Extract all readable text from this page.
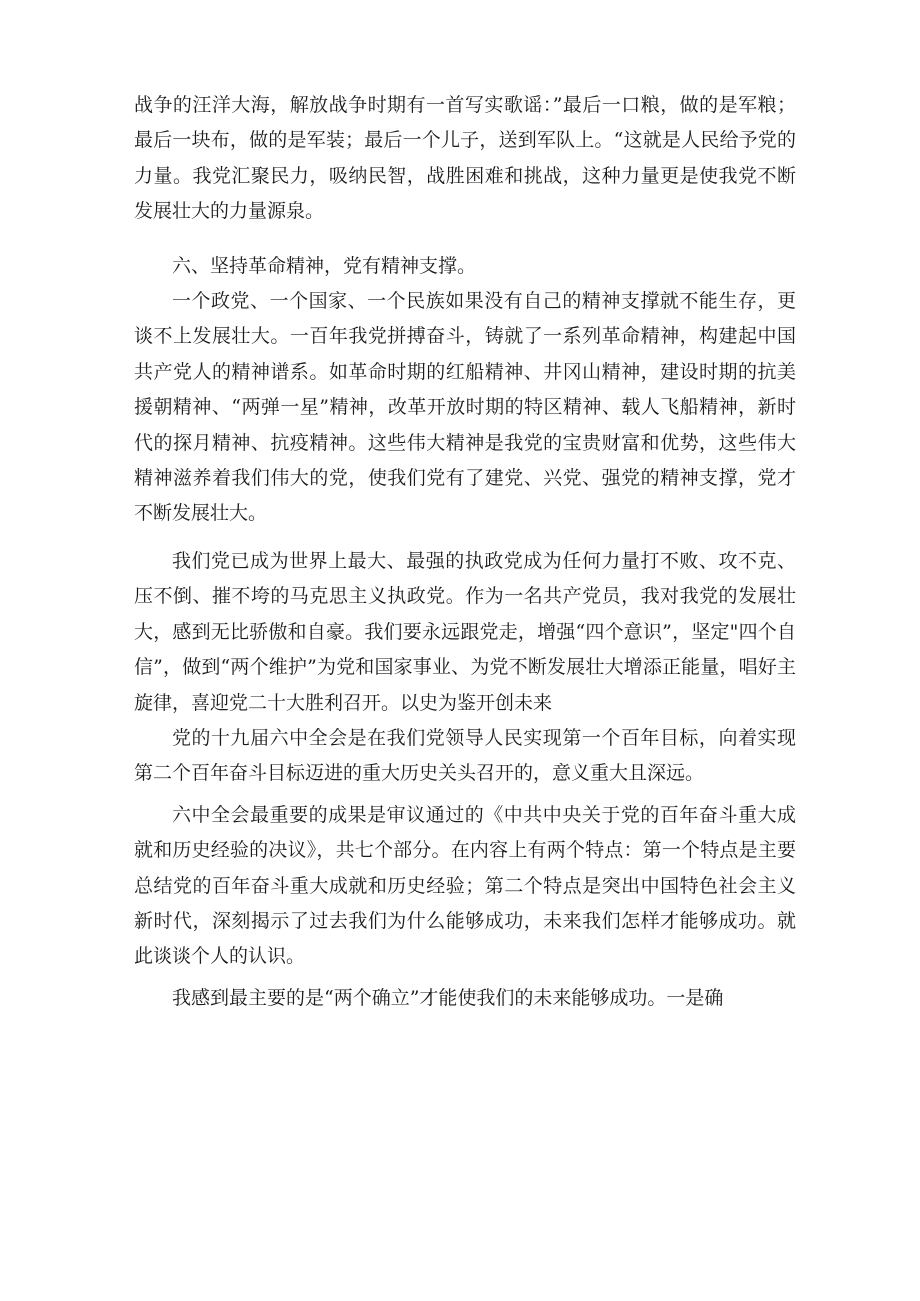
战争的汪洋大海，解放战争时期有一首写实歌谣：”最后一口粮，做的是军粮；最后一块布，做的是军装；最后一个儿子，送到军队上。“这就是人民给予党的力量。我党汇聚民力，吸纳民智，战胜困难和挑战，这种力量更是使我党不断发展壮大的力量源泉。

六、坚持革命精神，党有精神支撑。

一个政党、一个国家、一个民族如果没有自己的精神支撑就不能生存，更谈不上发展壮大。一百年我党拼搏奋斗，铸就了一系列革命精神，构建起中国共产党人的精神谱系。如革命时期的红船精神、井冈山精神，建设时期的抗美援朝精神、“两弹一星”精神，改革开放时期的特区精神、载人飞船精神，新时代的探月精神、抗疫精神。这些伟大精神是我党的宝贵财富和优势，这些伟大精神滋养着我们伟大的党，使我们党有了建党、兴党、强党的精神支撑，党才不断发展壮大。

我们党已成为世界上最大、最强的执政党成为任何力量打不败、攻不克、压不倒、摧不垮的马克思主义执政党。作为一名共产党员，我对我党的发展壮大，感到无比骄傲和自豪。我们要永远跟党走，增强“四个意识”，坚定"四个自信”，做到“两个维护”为党和国家事业、为党不断发展壮大增添正能量，唱好主旋律，喜迎党二十大胜利召开。以史为鉴开创未来

党的十九届六中全会是在我们党领导人民实现第一个百年目标，向着实现第二个百年奋斗目标迈进的重大历史关头召开的，意义重大且深远。

六中全会最重要的成果是审议通过的《中共中央关于党的百年奋斗重大成就和历史经验的决议》，共七个部分。在内容上有两个特点：第一个特点是主要总结党的百年奋斗重大成就和历史经验；第二个特点是突出中国特色社会主义新时代，深刻揭示了过去我们为什么能够成功，未来我们怎样才能够成功。就此谈谈个人的认识。

我感到最主要的是“两个确立”才能使我们的未来能够成功。一是确
